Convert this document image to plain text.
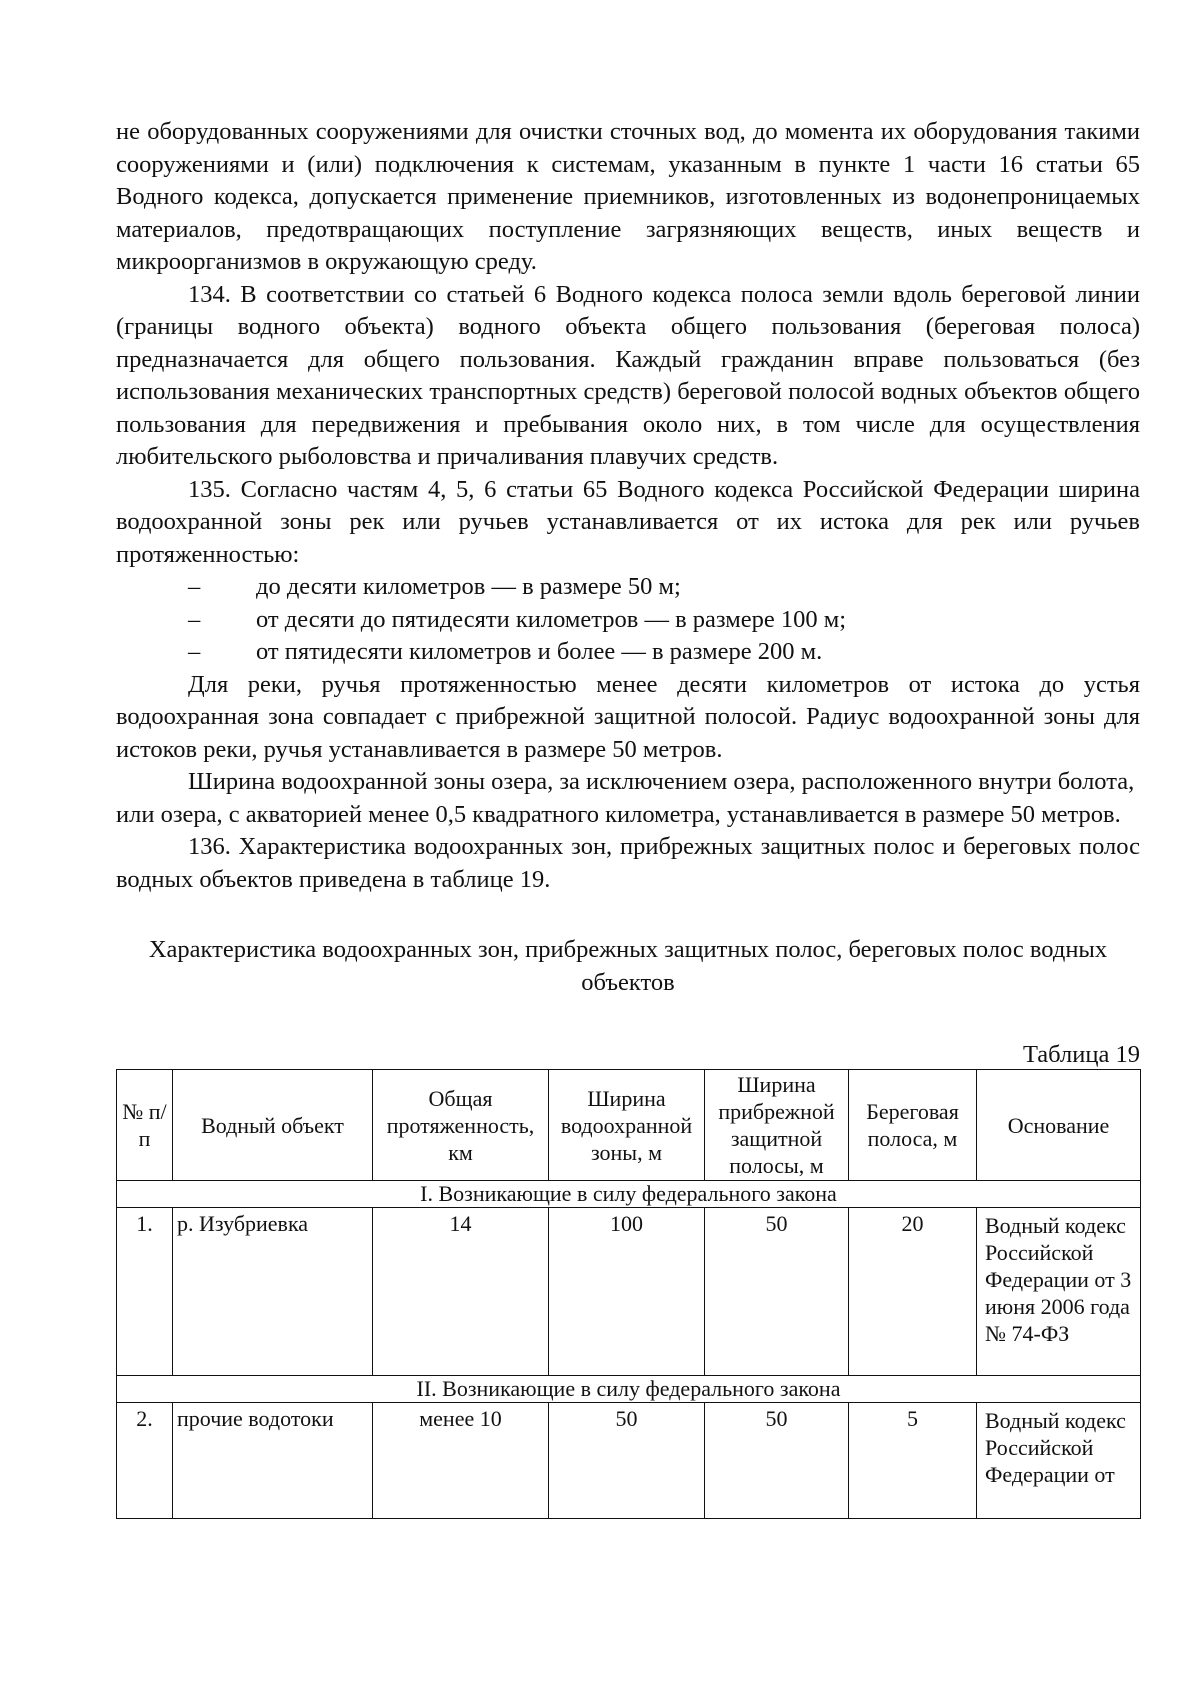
не оборудованных сооружениями для очистки сточных вод, до момента их оборудования такими сооружениями и (или) подключения к системам, указанным в пункте 1 части 16 статьи 65 Водного кодекса, допускается применение приемников, изготовленных из водонепроницаемых материалов, предотвращающих поступление загрязняющих веществ, иных веществ и микроорганизмов в окружающую среду.

134. В соответствии со статьей 6 Водного кодекса полоса земли вдоль береговой линии (границы водного объекта) водного объекта общего пользования (береговая полоса) предназначается для общего пользования. Каждый гражданин вправе пользоваться (без использования механических транспортных средств) береговой полосой водных объектов общего пользования для передвижения и пребывания около них, в том числе для осуществления любительского рыболовства и причаливания плавучих средств.

135. Согласно частям 4, 5, 6 статьи 65 Водного кодекса Российской Федерации ширина водоохранной зоны рек или ручьев устанавливается от их истока для рек или ручьев протяженностью:

–	до десяти километров — в размере 50 м;
–	от десяти до пятидесяти километров — в размере 100 м;
–	от пятидесяти километров и более — в размере 200 м.

Для реки, ручья протяженностью менее десяти километров от истока до устья водоохранная зона совпадает с прибрежной защитной полосой. Радиус водоохранной зоны для истоков реки, ручья устанавливается в размере 50 метров.

Ширина водоохранной зоны озера, за исключением озера, расположенного внутри болота, или озера, с акваторией менее 0,5 квадратного километра, устанавливается в размере 50 метров.

136. Характеристика водоохранных зон, прибрежных защитных полос и береговых полос водных объектов приведена в таблице 19.

Характеристика водоохранных зон, прибрежных защитных полос, береговых полос водных объектов
Таблица 19
№ п/п	Водный объект	Общая протяженность, км	Ширина водоохранной зоны, м	Ширина прибрежной защитной полосы, м	Береговая полоса, м	Основание
I. Возникающие в силу федерального закона						
1.	р. Изубриевка	14	100	50	20	Водный кодекс Российской Федерации от 3 июня 2006 года № 74-ФЗ
II. Возникающие в силу федерального закона						
2.	прочие водотоки	менее 10	50	50	5	Водный кодекс Российской Федерации от
